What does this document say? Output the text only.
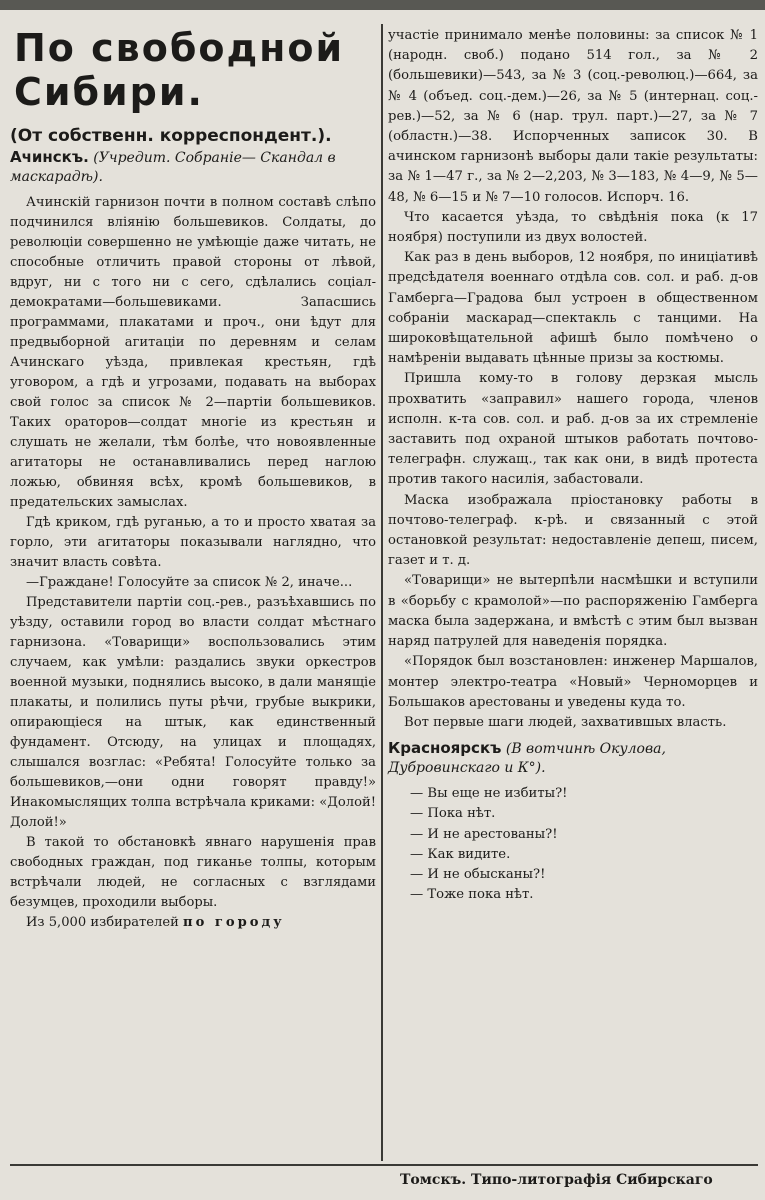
По свободной
Сибири.
(От собственн. корреспондент.).
Ачинскъ. (Учредит. Собраніе— Скандал в маскарадѣ).

Ачинскій гарнизон почти в полном составѣ слѣпо подчинился вліянію большевиков. Солдаты, до революціи совершенно не умѣющіе даже читать, не способные отличить правой стороны от лѣвой, вдруг, ни с того ни с сего, сдѣлались соціал-демократами—большевиками. Запасшись программами, плакатами и проч., они ѣдут для предвыборной агитаціи по деревням и селам Ачинскаго уѣзда, привлекая крестьян, гдѣ уговором, а гдѣ и угрозами, подавать на выборах свой голос за список № 2—партіи большевиков. Таких ораторов—солдат многіе из крестьян и слушать не желали, тѣм болѣе, что новоявленные агитаторы не останавливались перед наглою ложью, обвиняя всѣх, кромѣ большевиков, в предательских замыслах.

Гдѣ криком, гдѣ руганью, а то и просто хватая за горло, эти агитаторы показывали наглядно, что значит власть совѣта.

—Граждане! Голосуйте за список № 2, иначе...

Представители партіи соц.-рев., разъѣхавшись по уѣзду, оставили город во власти солдат мѣстнаго гарнизона. «Товарищи» воспользовались этим случаем, как умѣли: раздались звуки оркестров военной музыки, поднялись высоко, в дали манящіе плакаты, и полились путы рѣчи, грубые выкрики, опирающіеся на штык, как единственный фундамент. Отсюду, на улицах и площадях, слышался возглас: «Ребята! Голосуйте только за большевиков,—они одни говорят правду!» Инакомыслящих толпа встрѣчала криками: «Долой! Долой!»

В такой то обстановкѣ явнаго нарушенія прав свободных граждан, под гиканье толпы, которым встрѣчали людей, не согласных с взглядами безумцев, проходили выборы.

Из 5,000 избирателей по городу

участіе принимало менѣе половины: за список № 1 (народн. своб.) подано 514 гол., за № 2 (большевики)—543, за № 3 (соц.-революц.)—664, за № 4 (объед. соц.-дем.)—26, за № 5 (интернац. соц.-рев.)—52, за № 6 (нар. трул. парт.)—27, за № 7 (областн.)—38. Испорченных записок 30. В ачинском гарнизонѣ выборы дали такіе результаты: за № 1—47 г., за № 2—2,203, № 3—183, № 4—9, № 5—48, № 6—15 и № 7—10 голосов. Испорч. 16.

Что касается уѣзда, то свѣдѣнія пока (к 17 ноября) поступили из двух волостей.

Как раз в день выборов, 12 ноября, по иниціативѣ предсѣдателя военнаго отдѣла сов. сол. и раб. д-ов Гамберга—Градова был устроен в общественном собраніи маскарад—спектакль с танцими. На широковѣщательной афишѣ было помѣчено о намѣреніи выдавать цѣнные призы за костюмы.

Пришла кому-то в голову дерзкая мысль прохватить «заправил» нашего города, членов исполн. к-та сов. сол. и раб. д-ов за их стремленіе заставить под охраной штыков работать почтово-телеграфн. служащ., так как они, в видѣ протеста против такого насилія, забастовали.

Маска изображала пріостановку работы в почтово-телеграф. к-рѣ. и связанный с этой остановкой результат: недоставленіе депеш, писем, газет и т. д.

«Товарищи» не вытерпѣли насмѣшки и вступили в «борьбу с крамолой»—по распоряженію Гамберга маска была задержана, и вмѣстѣ с этим был вызван наряд патрулей для наведенія порядка.

«Порядок был возстановлен: инженер Маршалов, монтер электро-театра «Новый» Черноморцев и Большаков арестованы и уведены куда то.

Вот первые шаги людей, захватившых власть.

Красноярскъ (В вотчинѣ Окулова, Дубровинскаго и К°).

— Вы еще не избиты?!

— Пока нѣт.

— И не арестованы?!

— Как видите.

— И не обысканы?!

— Тоже пока нѣт.

Томскъ. Типо-литографія Сибирскаго
